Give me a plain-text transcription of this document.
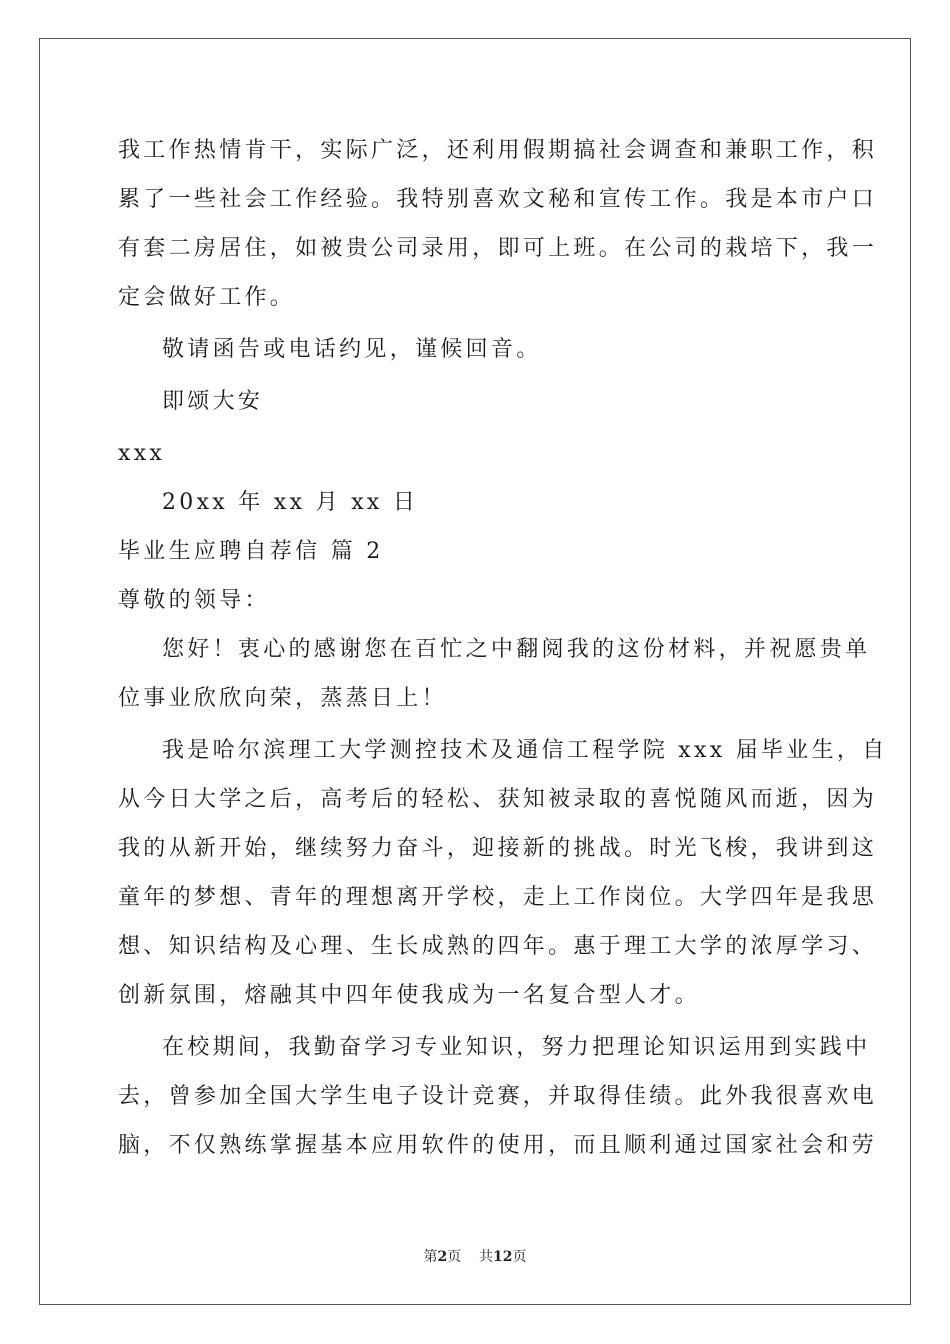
我工作热情肯干，实际广泛，还利用假期搞社会调查和兼职工作，积
累了一些社会工作经验。我特别喜欢文秘和宣传工作。我是本市户口
有套二房居住，如被贵公司录用，即可上班。在公司的栽培下，我一
定会做好工作。
敬请函告或电话约见，谨候回音。
即颂大安
xxx
20xx 年 xx 月 xx 日
毕业生应聘自荐信 篇 2
尊敬的领导：
您好！衷心的感谢您在百忙之中翻阅我的这份材料，并祝愿贵单
位事业欣欣向荣，蒸蒸日上！
我是哈尔滨理工大学测控技术及通信工程学院 xxx 届毕业生，自
从今日大学之后，高考后的轻松、获知被录取的喜悦随风而逝，因为
我的从新开始，继续努力奋斗，迎接新的挑战。时光飞梭，我讲到这
童年的梦想、青年的理想离开学校，走上工作岗位。大学四年是我思
想、知识结构及心理、生长成熟的四年。惠于理工大学的浓厚学习、
创新氛围，熔融其中四年使我成为一名复合型人才。
在校期间，我勤奋学习专业知识，努力把理论知识运用到实践中
去，曾参加全国大学生电子设计竞赛，并取得佳绩。此外我很喜欢电
脑，不仅熟练掌握基本应用软件的使用，而且顺利通过国家社会和劳
第2页 共12页
